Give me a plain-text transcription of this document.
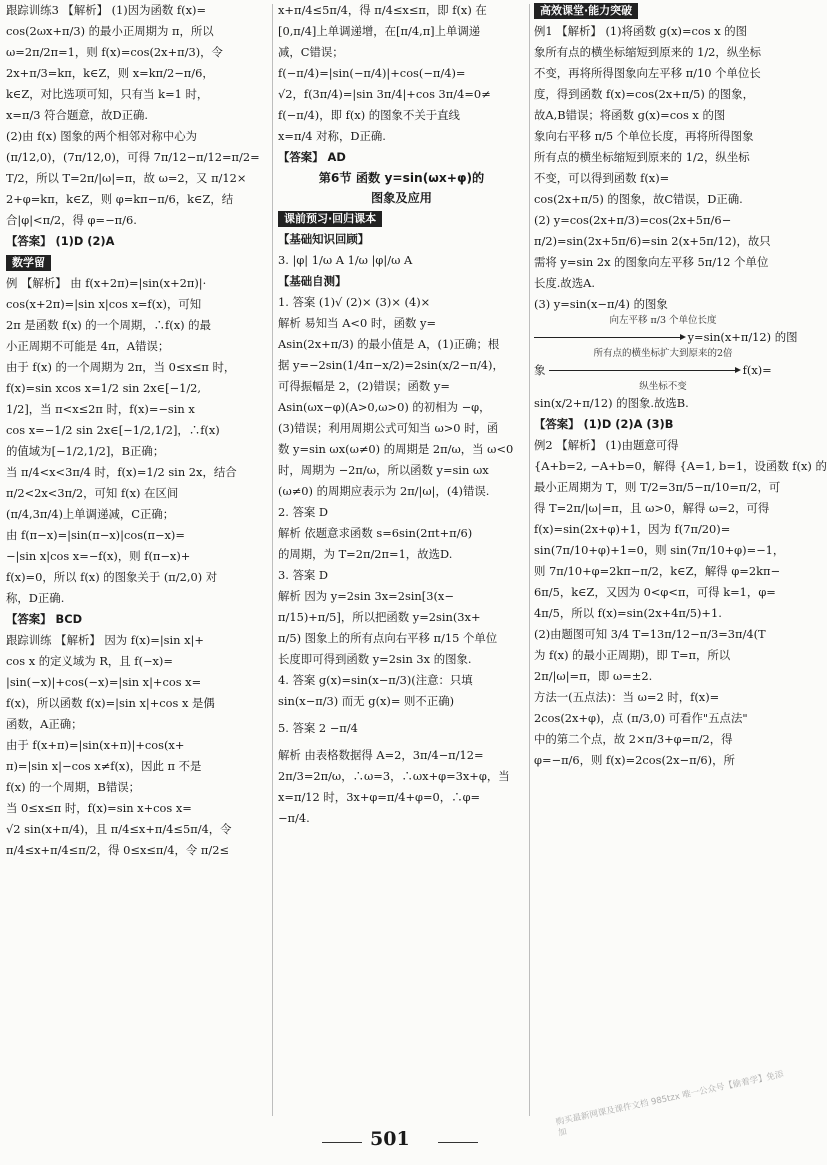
跟踪训练3 【解析】 (1)因为函数 f(x)=

cos(2ωx+π/3) 的最小正周期为 π，所以

ω=2π/2π=1，则 f(x)=cos(2x+π/3)，令

2x+π/3=kπ，k∈Z，则 x=kπ/2−π/6，

k∈Z，对比选项可知，只有当 k=1 时，

x=π/3 符合题意，故D正确.

(2)由 f(x) 图象的两个相邻对称中心为

(π/12,0)，(7π/12,0)，可得 7π/12−π/12=π/2=

T/2，所以 T=2π/|ω|=π，故 ω=2，又 π/12×

2+φ=kπ，k∈Z，则 φ=kπ−π/6，k∈Z，结

合|φ|<π/2，得 φ=−π/6.

【答案】 (1)D (2)A

数学留

例 【解析】 由 f(x+2π)=|sin(x+2π)|·

cos(x+2π)=|sin x|cos x=f(x)，可知

2π 是函数 f(x) 的一个周期，∴f(x) 的最

小正周期不可能是 4π，A错误；

由于 f(x) 的一个周期为 2π，当 0≤x≤π 时，

f(x)=sin xcos x=1/2 sin 2x∈[−1/2,

1/2]，当 π<x≤2π 时，f(x)=−sin x

cos x=−1/2 sin 2x∈[−1/2,1/2]，∴f(x)

的值域为[−1/2,1/2]，B正确；

当 π/4<x<3π/4 时，f(x)=1/2 sin 2x，结合

π/2<2x<3π/2，可知 f(x) 在区间

(π/4,3π/4)上单调递减，C正确；

由 f(π−x)=|sin(π−x)|cos(π−x)=

−|sin x|cos x=−f(x)，则 f(π−x)+

f(x)=0，所以 f(x) 的图象关于 (π/2,0) 对

称，D正确.

【答案】 BCD

跟踪训练 【解析】 因为 f(x)=|sin x|+

cos x 的定义域为 R，且 f(−x)=

|sin(−x)|+cos(−x)=|sin x|+cos x=

f(x)，所以函数 f(x)=|sin x|+cos x 是偶

函数，A正确；

由于 f(x+π)=|sin(x+π)|+cos(x+

π)=|sin x|−cos x≠f(x)，因此 π 不是

f(x) 的一个周期，B错误；

当 0≤x≤π 时，f(x)=sin x+cos x=

√2 sin(x+π/4)，且 π/4≤x+π/4≤5π/4，令

π/4≤x+π/4≤π/2，得 0≤x≤π/4，令 π/2≤

x+π/4≤5π/4，得 π/4≤x≤π，即 f(x) 在

[0,π/4]上单调递增，在[π/4,π]上单调递

减，C错误；

f(−π/4)=|sin(−π/4)|+cos(−π/4)=

√2，f(3π/4)=|sin 3π/4|+cos 3π/4=0≠

f(−π/4)，即 f(x) 的图象不关于直线

x=π/4 对称，D正确.

【答案】 AD

第6节 函数 y=sin(ωx+φ)的

图象及应用

课前预习·回归课本

【基础知识回顾】

3. |φ| 1/ω A 1/ω |φ|/ω A

【基础自测】

1. 答案 (1)√ (2)× (3)× (4)×

解析 易知当 A<0 时，函数 y=

Asin(2x+π/3) 的最小值是 A，(1)正确；根

据 y=−2sin(1/4π−x/2)=2sin(x/2−π/4)，

可得振幅是 2，(2)错误；函数 y=

Asin(ωx−φ)(A>0,ω>0) 的初相为 −φ，

(3)错误；利用周期公式可知当 ω>0 时，函

数 y=sin ωx(ω≠0) 的周期是 2π/ω，当 ω<0

时，周期为 −2π/ω，所以函数 y=sin ωx

(ω≠0) 的周期应表示为 2π/|ω|，(4)错误.

2. 答案 D

解析 依题意求函数 s=6sin(2πt+π/6)

的周期，为 T=2π/2π=1，故选D.

3. 答案 D

解析 因为 y=2sin 3x=2sin[3(x−

π/15)+π/5]，所以把函数 y=2sin(3x+

π/5) 图象上的所有点向右平移 π/15 个单位

长度即可得到函数 y=2sin 3x 的图象.

4. 答案 g(x)=sin(x−π/3)(注意：只填

sin(x−π/3) 而无 g(x)= 则不正确)

5. 答案 2 −π/4

解析 由表格数据得 A=2，3π/4−π/12=

2π/3=2π/ω，∴ω=3，∴ωx+φ=3x+φ，当

x=π/12 时，3x+φ=π/4+φ=0，∴φ=

−π/4.

高效课堂·能力突破

例1 【解析】 (1)将函数 g(x)=cos x 的图

象所有点的横坐标缩短到原来的 1/2，纵坐标

不变，再将所得图象向左平移 π/10 个单位长

度，得到函数 f(x)=cos(2x+π/5) 的图象，

故A,B错误；将函数 g(x)=cos x 的图

象向右平移 π/5 个单位长度，再将所得图象

所有点的横坐标缩短到原来的 1/2，纵坐标

不变，可以得到函数 f(x)=

cos(2x+π/5) 的图象，故C错误，D正确.

(2) y=cos(2x+π/3)=cos(2x+5π/6−

π/2)=sin(2x+5π/6)=sin 2(x+5π/12)，故只

需将 y=sin 2x 的图象向左平移 5π/12 个单位

长度.故选A.

(3) y=sin(x−π/4) 的图象

向左平移 π/3 个单位长度

y=sin(x+π/12) 的图

所有点的横坐标扩大到原来的2倍

象	f(x)=

纵坐标不变

sin(x/2+π/12) 的图象.故选B.

【答案】 (1)D (2)A (3)B

例2 【解析】 (1)由题意可得

{A+b=2, −A+b=0，解得 {A=1, b=1，设函数 f(x) 的

最小正周期为 T，则 T/2=3π/5−π/10=π/2，可

得 T=2π/|ω|=π，且 ω>0，解得 ω=2，可得

f(x)=sin(2x+φ)+1，因为 f(7π/20)=

sin(7π/10+φ)+1=0，则 sin(7π/10+φ)=−1，

则 7π/10+φ=2kπ−π/2，k∈Z，解得 φ=2kπ−

6π/5，k∈Z，又因为 0<φ<π，可得 k=1，φ=

4π/5，所以 f(x)=sin(2x+4π/5)+1.

(2)由题图可知 3/4 T=13π/12−π/3=3π/4(T

为 f(x) 的最小正周期)，即 T=π，所以

2π/|ω|=π，即 ω=±2.

方法一(五点法)：当 ω=2 时，f(x)=

2cos(2x+φ)，点 (π/3,0) 可看作"五点法"

中的第二个点，故 2×π/3+φ=π/2，得

φ=−π/6，则 f(x)=2cos(2x−π/6)，所

501
购买最新网课及课件文档 985tzx 唯一公众号【偷着学】免添加
